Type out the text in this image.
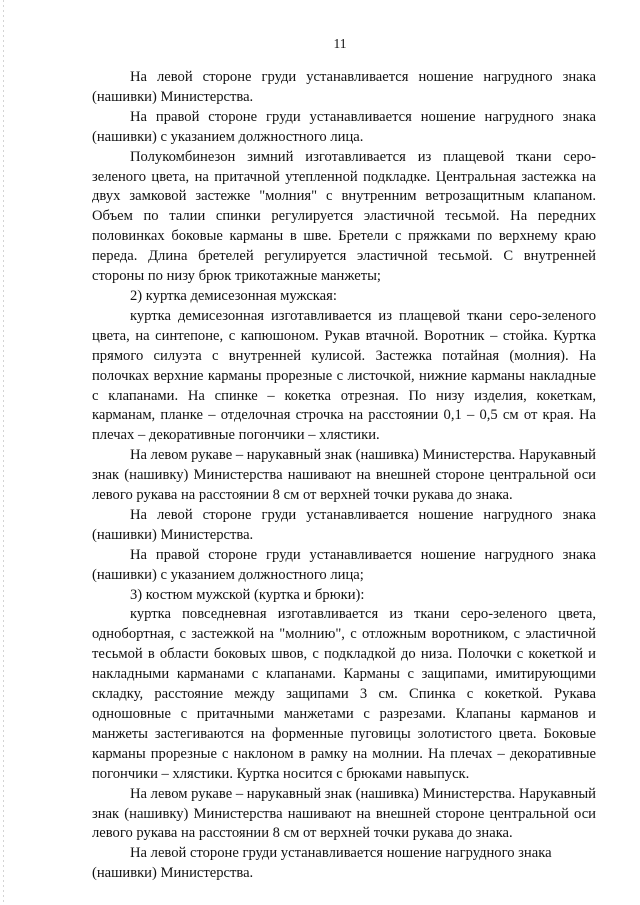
11

На левой стороне груди устанавливается ношение нагрудного знака (нашивки) Министерства.

На правой стороне груди устанавливается ношение нагрудного знака (нашивки) с указанием должностного лица.

Полукомбинезон зимний изготавливается из плащевой ткани серо-зеленого цвета, на притачной утепленной подкладке. Центральная застежка на двух замковой застежке "молния" с внутренним ветрозащитным клапаном. Объем по талии спинки регулируется эластичной тесьмой. На передних половинках боковые карманы в шве. Бретели с пряжками по верхнему краю переда. Длина бретелей регулируется эластичной тесьмой. С внутренней стороны по низу брюк трикотажные манжеты;

2) куртка демисезонная мужская:

куртка демисезонная изготавливается из плащевой ткани серо-зеленого цвета, на синтепоне, с капюшоном. Рукав втачной. Воротник – стойка. Куртка прямого силуэта с внутренней кулисой. Застежка потайная (молния). На полочках верхние карманы прорезные с листочкой, нижние карманы накладные с клапанами. На спинке – кокетка отрезная. По низу изделия, кокеткам, карманам, планке – отделочная строчка на расстоянии 0,1 – 0,5 см от края. На плечах – декоративные погончики – хлястики.

На левом рукаве – нарукавный знак (нашивка) Министерства. Нарукавный знак (нашивку) Министерства нашивают на внешней стороне центральной оси левого рукава на расстоянии 8 см от верхней точки рукава до знака.

На левой стороне груди устанавливается ношение нагрудного знака (нашивки) Министерства.

На правой стороне груди устанавливается ношение нагрудного знака (нашивки) с указанием должностного лица;

3) костюм мужской (куртка и брюки):

куртка повседневная изготавливается из ткани серо-зеленого цвета, однобортная, с застежкой на "молнию", с отложным воротником, с эластичной тесьмой в области боковых швов, с подкладкой до низа. Полочки с кокеткой и накладными карманами с клапанами. Карманы с защипами, имитирующими складку, расстояние между защипами 3 см. Спинка с кокеткой. Рукава одношовные с притачными манжетами с разрезами. Клапаны карманов и манжеты застегиваются на форменные пуговицы золотистого цвета. Боковые карманы прорезные с наклоном в рамку на молнии. На плечах – декоративные погончики – хлястики. Куртка носится с брюками навыпуск.

На левом рукаве – нарукавный знак (нашивка) Министерства. Нарукавный знак (нашивку) Министерства нашивают на внешней стороне центральной оси левого рукава на расстоянии 8 см от верхней точки рукава до знака.

На левой стороне груди устанавливается ношение нагрудного знака (нашивки) Министерства.
